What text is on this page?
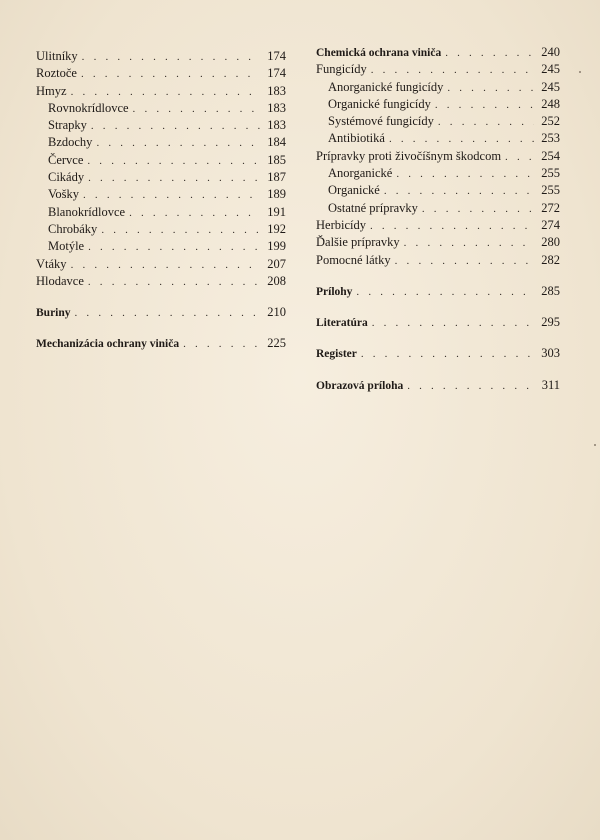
Ulitníky . . .	174
Roztoče . . .	174
Hmyz . . .	183
Rovnokrídlovce . . .	183
Strapky . . .	183
Bzdochy . . .	184
Červce . . .	185
Cikády . . .	187
Vošky . . .	189
Blanokrídlovce . . .	191
Chrobáky . . .	192
Motýle . . .	199
Vtáky . . .	207
Hlodavce . . .	208
Buriny . . .	210
Mechanizácia ochrany viniča . . .	225
Chemická ochrana viniča . . .	240
Fungicídy . . .	245
Anorganické fungicídy . . .	245
Organické fungicídy . . .	248
Systémové fungicídy . . .	252
Antibiotiká . . .	253
Prípravky proti živočíšnym škodcom . . .	254
Anorganické . . .	255
Organické . . .	255
Ostatné prípravky . . .	272
Herbicídy . . .	274
Ďalšie prípravky . . .	280
Pomocné látky . . .	282
Prílohy . . .	285
Literatúra . . .	295
Register . . .	303
Obrazová príloha . . .	311
